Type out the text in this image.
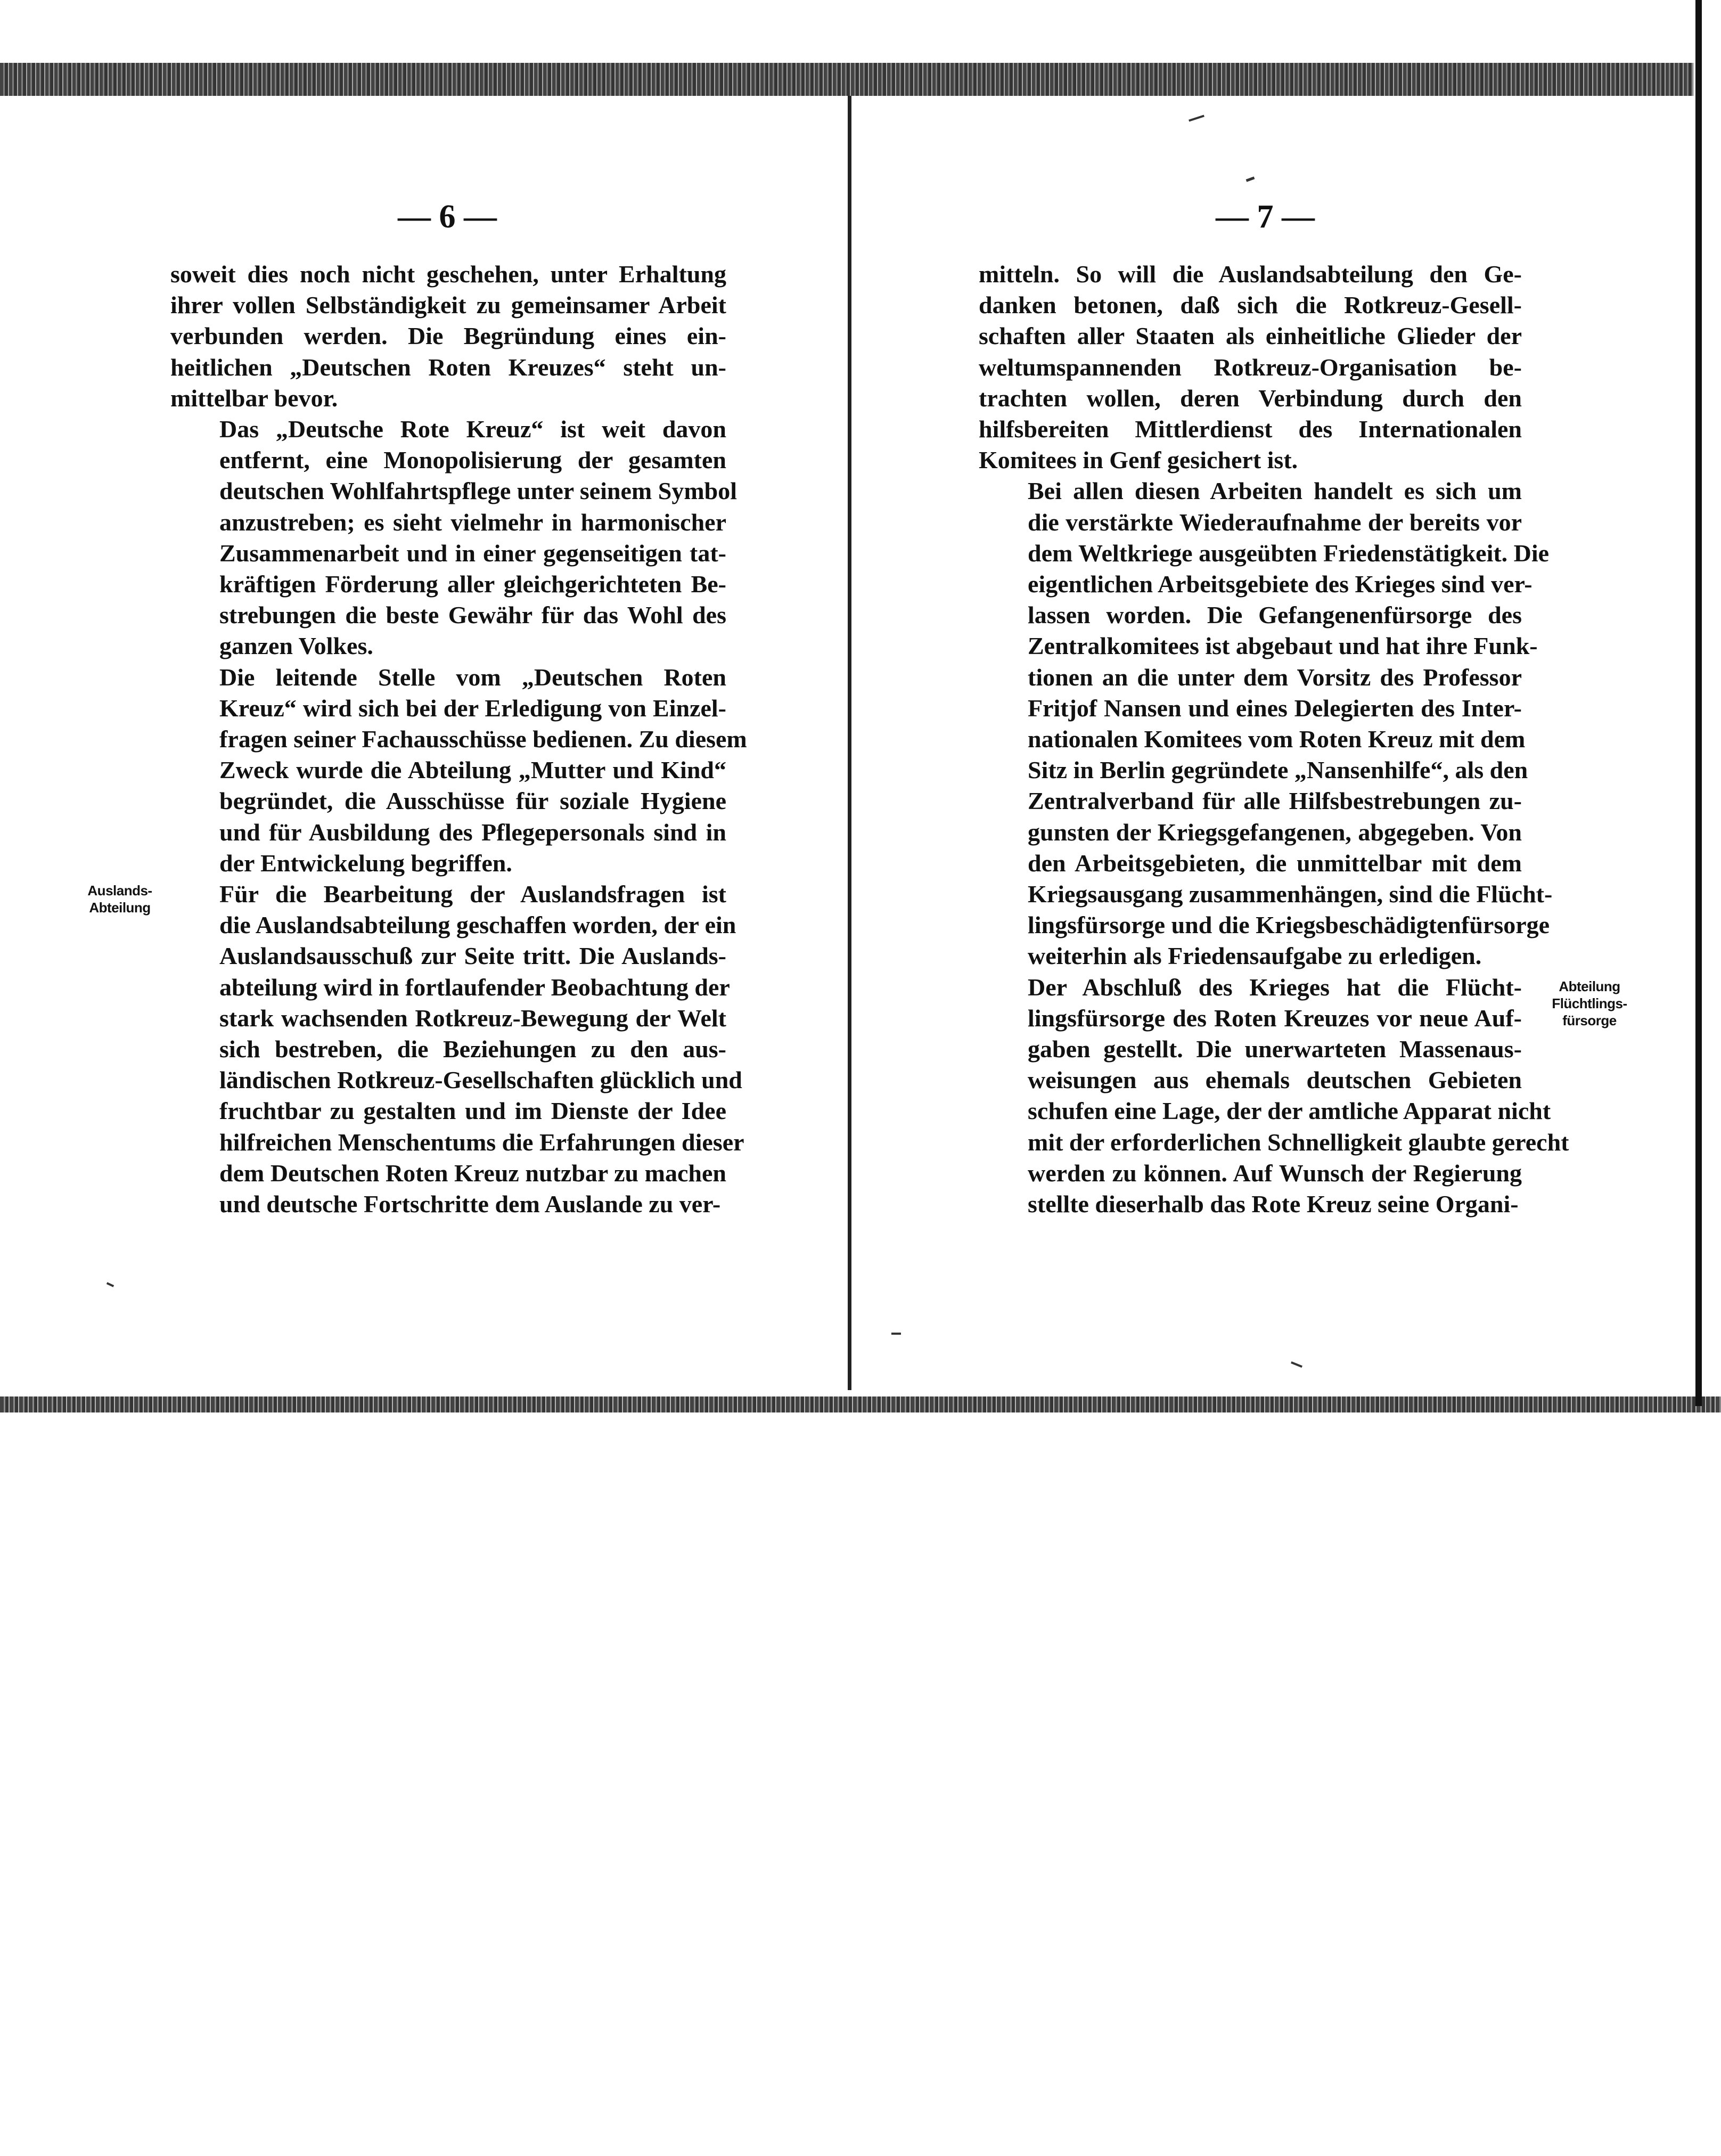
— 6 —
Auslands-
Abteilung

soweit dies noch nicht geschehen, unter Erhaltung
ihrer vollen Selbständigkeit zu gemeinsamer Arbeit
verbunden werden. Die Begründung eines ein-
heitlichen „Deutschen Roten Kreuzes“ steht un-
mittelbar bevor.

Das „Deutsche Rote Kreuz“ ist weit davon
entfernt, eine Monopolisierung der gesamten
deutschen Wohlfahrtspflege unter seinem Symbol
anzustreben; es sieht vielmehr in harmonischer
Zusammenarbeit und in einer gegenseitigen tat-
kräftigen Förderung aller gleichgerichteten Be-
strebungen die beste Gewähr für das Wohl des
ganzen Volkes.

Die leitende Stelle vom „Deutschen Roten
Kreuz“ wird sich bei der Erledigung von Einzel-
fragen seiner Fachausschüsse bedienen. Zu diesem
Zweck wurde die Abteilung „Mutter und Kind“
begründet, die Ausschüsse für soziale Hygiene
und für Ausbildung des Pflegepersonals sind in
der Entwickelung begriffen.

Für die Bearbeitung der Auslandsfragen ist
die Auslandsabteilung geschaffen worden, der ein
Auslandsausschuß zur Seite tritt. Die Auslands-
abteilung wird in fortlaufender Beobachtung der
stark wachsenden Rotkreuz-Bewegung der Welt
sich bestreben, die Beziehungen zu den aus-
ländischen Rotkreuz-Gesellschaften glücklich und
fruchtbar zu gestalten und im Dienste der Idee
hilfreichen Menschentums die Erfahrungen dieser
dem Deutschen Roten Kreuz nutzbar zu machen
und deutsche Fortschritte dem Auslande zu ver-

— 7 —
Abteilung
Flüchtlings-
fürsorge

mitteln. So will die Auslandsabteilung den Ge-
danken betonen, daß sich die Rotkreuz-Gesell-
schaften aller Staaten als einheitliche Glieder der
weltumspannenden Rotkreuz-Organisation be-
trachten wollen, deren Verbindung durch den
hilfsbereiten Mittlerdienst des Internationalen
Komitees in Genf gesichert ist.

Bei allen diesen Arbeiten handelt es sich um
die verstärkte Wiederaufnahme der bereits vor
dem Weltkriege ausgeübten Friedenstätigkeit. Die
eigentlichen Arbeitsgebiete des Krieges sind ver-
lassen worden. Die Gefangenenfürsorge des
Zentralkomitees ist abgebaut und hat ihre Funk-
tionen an die unter dem Vorsitz des Professor
Fritjof Nansen und eines Delegierten des Inter-
nationalen Komitees vom Roten Kreuz mit dem
Sitz in Berlin gegründete „Nansenhilfe“, als den
Zentralverband für alle Hilfsbestrebungen zu-
gunsten der Kriegsgefangenen, abgegeben. Von
den Arbeitsgebieten, die unmittelbar mit dem
Kriegsausgang zusammenhängen, sind die Flücht-
lingsfürsorge und die Kriegsbeschädigtenfürsorge
weiterhin als Friedensaufgabe zu erledigen.

Der Abschluß des Krieges hat die Flücht-
lingsfürsorge des Roten Kreuzes vor neue Auf-
gaben gestellt. Die unerwarteten Massenaus-
weisungen aus ehemals deutschen Gebieten
schufen eine Lage, der der amtliche Apparat nicht
mit der erforderlichen Schnelligkeit glaubte gerecht
werden zu können. Auf Wunsch der Regierung
stellte dieserhalb das Rote Kreuz seine Organi-
